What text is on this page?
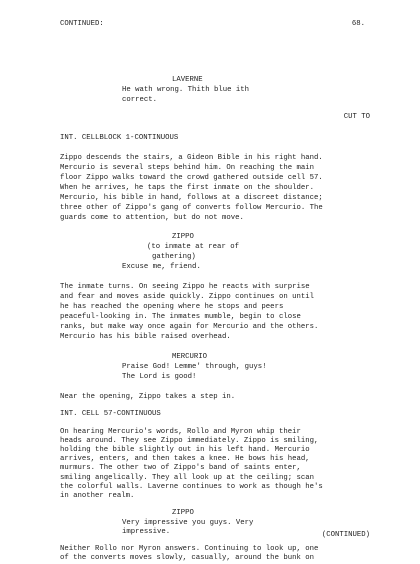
CONTINUED:	68.
LAVERNE
He wath wrong. Thith blue ith
correct.
CUT TO
INT. CELLBLOCK 1-CONTINUOUS
Zippo descends the stairs, a Gideon Bible in his right hand.
Mercurio is several steps behind him. On reaching the main
floor Zippo walks toward the crowd gathered outside cell 57.
When he arrives, he taps the first inmate on the shoulder.
Mercurio, his bible in hand, follows at a discreet distance;
three other of Zippo's gang of converts follow Mercurio. The
guards come to attention, but do not move.
ZIPPO
(to inmate at rear of
gathering)
Excuse me, friend.
The inmate turns. On seeing Zippo he reacts with surprise
and fear and moves aside quickly. Zippo continues on until
he has reached the opening where he stops and peers
peaceful-looking in. The inmates mumble, begin to close
ranks, but make way once again for Mercurio and the others.
Mercurio has his bible raised overhead.
MERCURIO
Praise God! Lemme' through, guys!
The Lord is good!
Near the opening, Zippo takes a step in.
INT. CELL 57-CONTINUOUS
On hearing Mercurio's words, Rollo and Myron whip their
heads around. They see Zippo immediately. Zippo is smiling,
holding the bible slightly out in his left hand. Mercurio
arrives, enters, and then takes a knee. He bows his head,
murmurs. The other two of Zippo's band of saints enter,
smiling angelically. They all look up at the ceiling; scan
the colorful walls. Laverne continues to work as though he's
in another realm.
ZIPPO
Very impressive you guys. Very
impressive.
Neither Rollo nor Myron answers. Continuing to look up, one
of the converts moves slowly, casually, around the bunk on
(CONTINUED)
